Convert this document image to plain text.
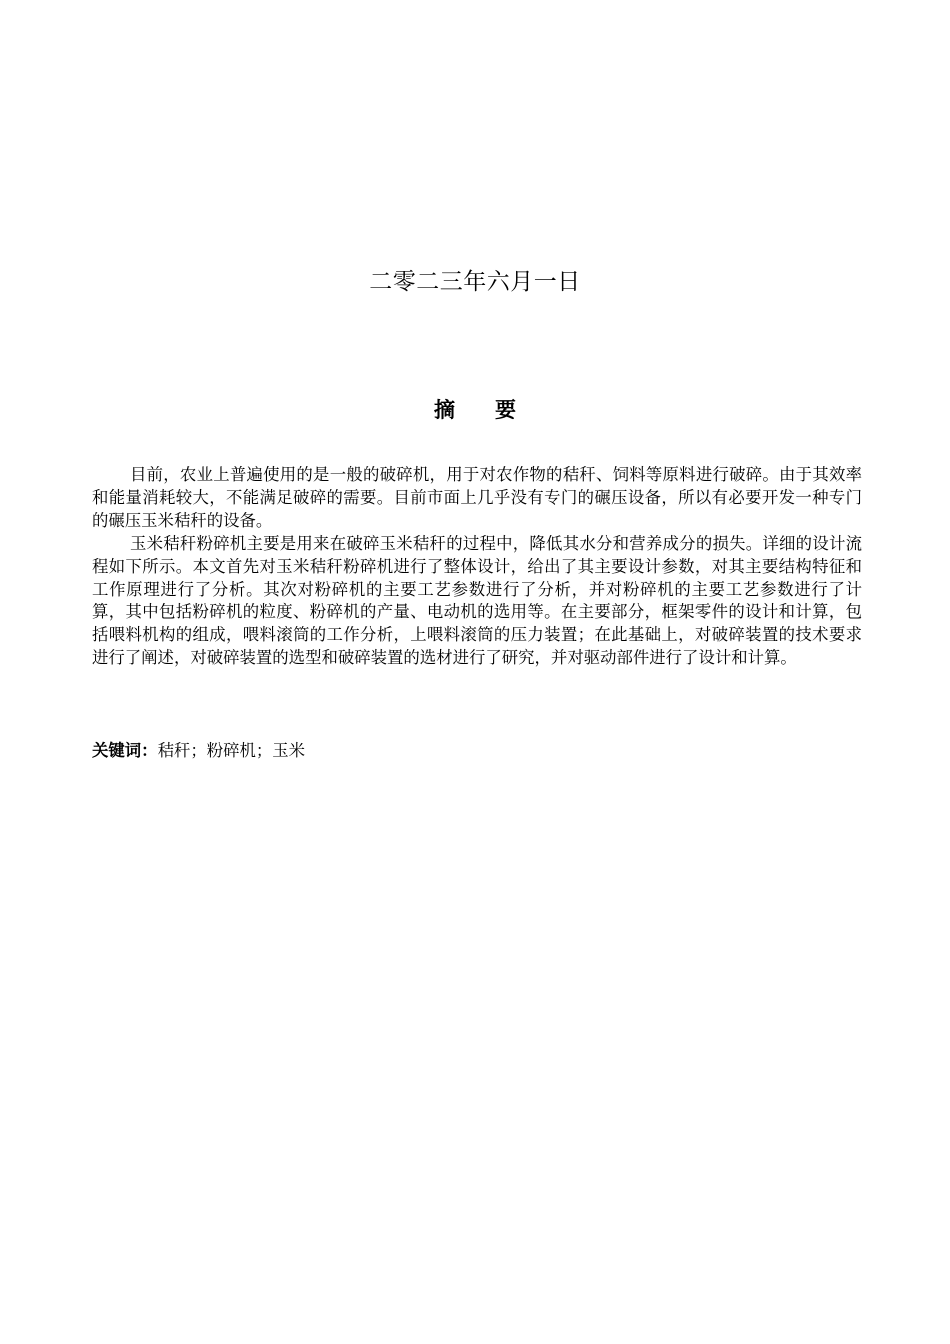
二零二三年六月一日
摘 要

目前，农业上普遍使用的是一般的破碎机，用于对农作物的秸秆、饲料等原料进行破碎。由于其效率和能量消耗较大，不能满足破碎的需要。目前市面上几乎没有专门的碾压设备，所以有必要开发一种专门的碾压玉米秸秆的设备。

玉米秸秆粉碎机主要是用来在破碎玉米秸秆的过程中，降低其水分和营养成分的损失。详细的设计流程如下所示。本文首先对玉米秸秆粉碎机进行了整体设计，给出了其主要设计参数，对其主要结构特征和工作原理进行了分析。其次对粉碎机的主要工艺参数进行了分析，并对粉碎机的主要工艺参数进行了计算，其中包括粉碎机的粒度、粉碎机的产量、电动机的选用等。在主要部分，框架零件的设计和计算，包括喂料机构的组成，喂料滚筒的工作分析，上喂料滚筒的压力装置；在此基础上，对破碎装置的技术要求进行了阐述，对破碎装置的选型和破碎装置的选材进行了研究，并对驱动部件进行了设计和计算。

关键词：秸秆；粉碎机；玉米
